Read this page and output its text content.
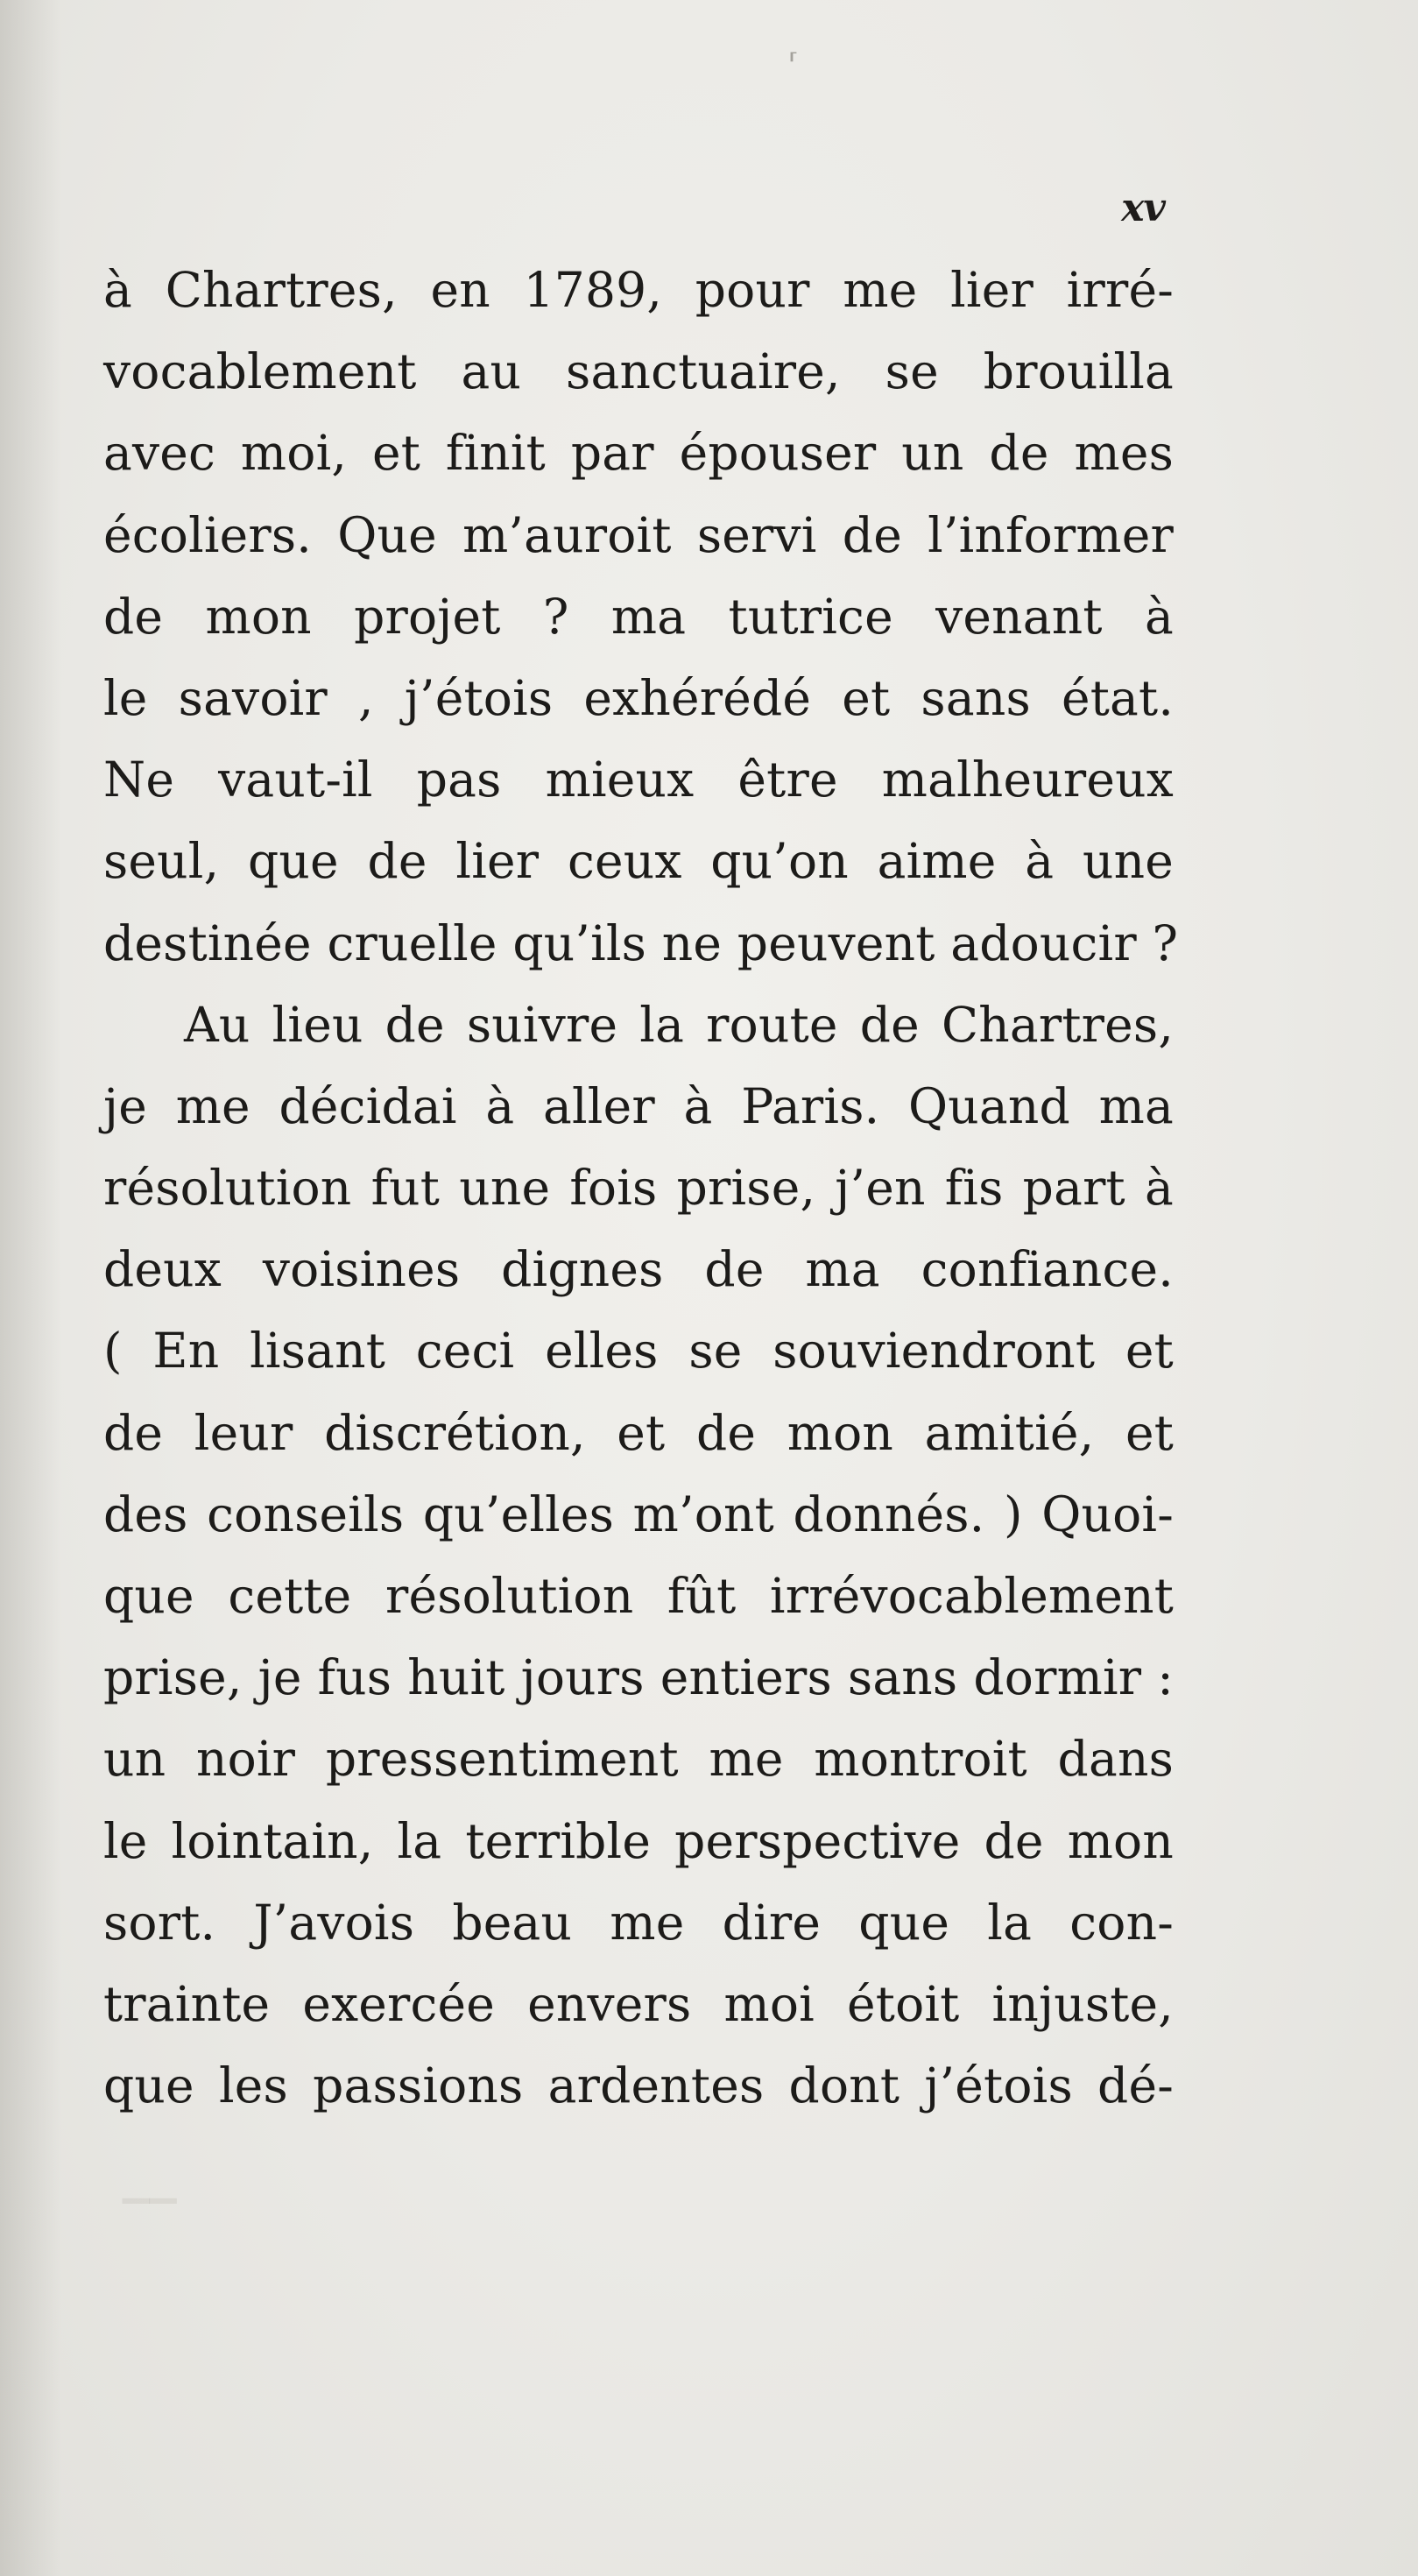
⸢
xv
à Chartres, en 1789, pour me lier irré-
vocablement au sanctuaire, se brouilla
avec moi, et finit par épouser un de mes
écoliers. Que m’auroit servi de l’informer
de mon projet ? ma tutrice venant à
le savoir , j’étois exhérédé et sans état.
Ne vaut-il pas mieux être malheureux
seul, que de lier ceux qu’on aime à une
destinée cruelle qu’ils ne peuvent adoucir ?
Au lieu de suivre la route de Chartres,
je me décidai à aller à Paris. Quand ma
résolution fut une fois prise, j’en fis part à
deux voisines dignes de ma confiance.
( En lisant ceci elles se souviendront et
de leur discrétion, et de mon amitié, et
des conseils qu’elles m’ont donnés. ) Quoi-
que cette résolution fût irrévocablement
prise, je fus huit jours entiers sans dormir :
un noir pressentiment me montroit dans
le lointain, la terrible perspective de mon
sort. J’avois beau me dire que la con-
trainte exercée envers moi étoit injuste,
que les passions ardentes dont j’étois dé-
▁▁
